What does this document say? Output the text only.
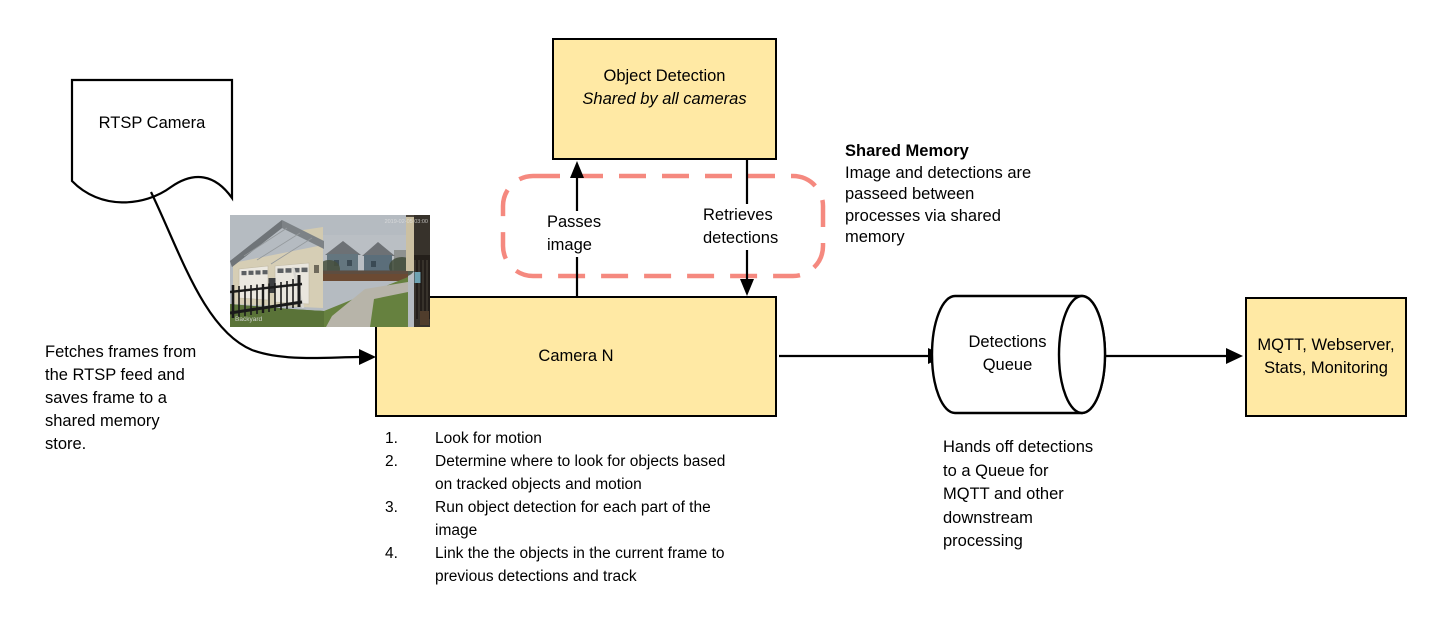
Object Detection
Shared by all cameras
Camera N
MQTT, Webserver,
Stats, Monitoring
RTSP Camera
Detections Queue
Passes
image
Retrieves
detections
Fetches frames from
the RTSP feed and
saves frame to a
shared memory
store.
Shared Memory
Image and detections are
passeed between
processes via shared
memory
Hands off detections
to a Queue for
MQTT and other
downstream
processing
1.	Look for motion
2.	Determine where to look for objects based on tracked objects and motion
3.	Run object detection for each part of the image
4.	Link the the objects in the current frame to previous detections and track
2019-02-05 03:00
Backyard
